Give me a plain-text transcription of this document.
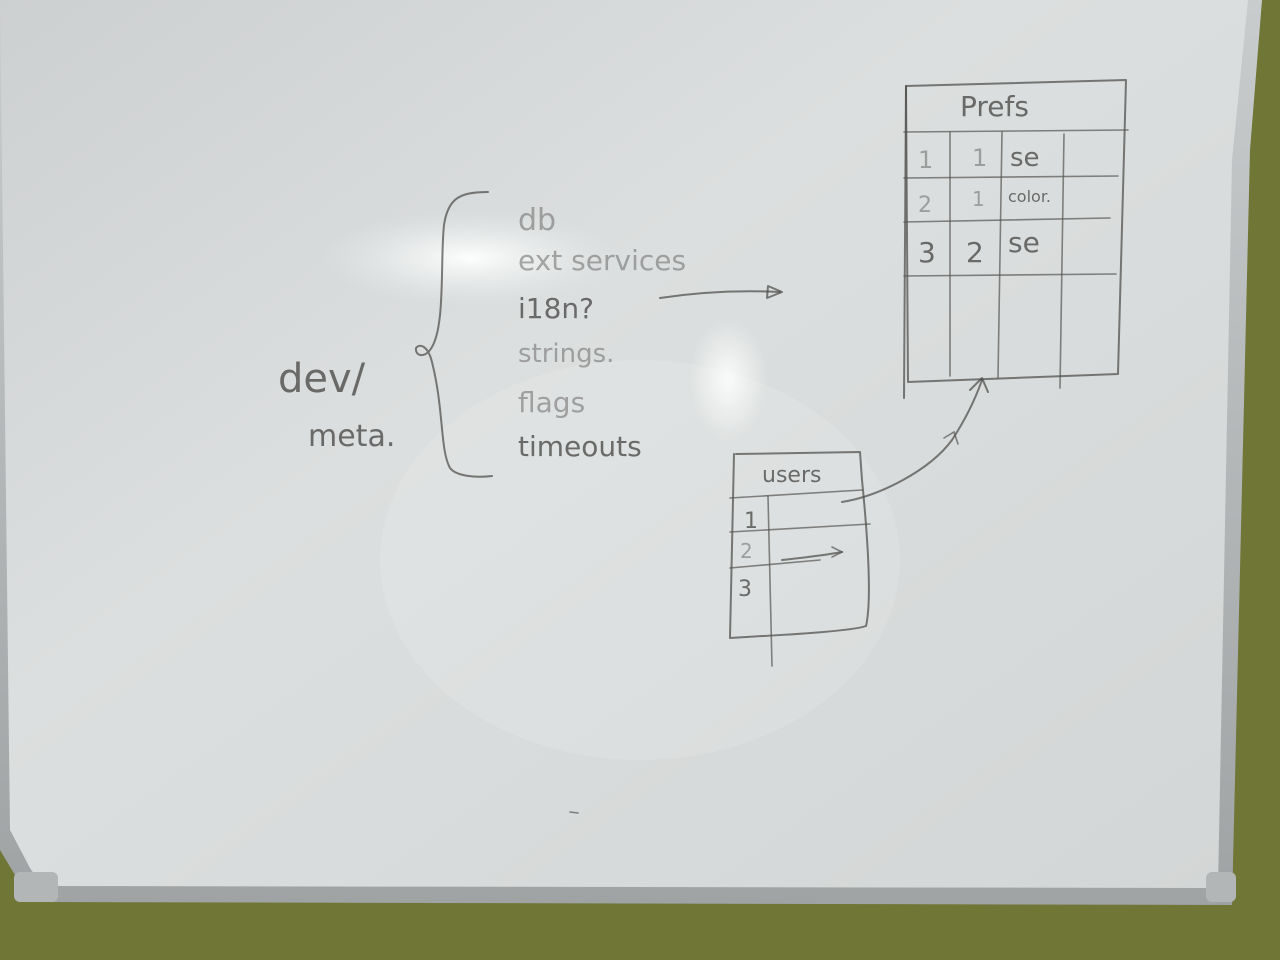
dev/
meta.
db
ext services
i18n?
strings.
flags
timeouts
Prefs
1 1 se
2 1 color.
3 2 se
users
1
2
3
